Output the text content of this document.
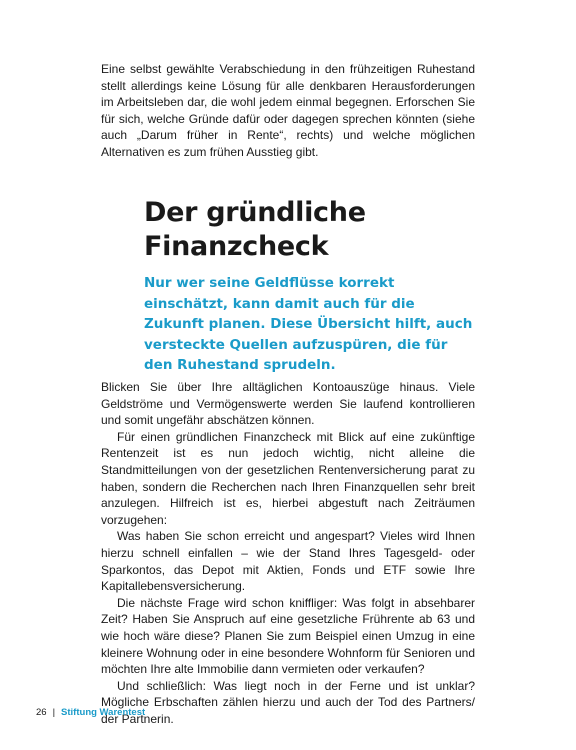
Eine selbst gewählte Verabschiedung in den frühzeitigen Ruhestand stellt allerdings keine Lösung für alle denkbaren Herausforderungen im Arbeitsleben dar, die wohl jedem einmal begegnen. Erforschen Sie für sich, welche Gründe dafür oder dagegen sprechen könnten (siehe auch „Darum früher in Rente“, rechts) und welche möglichen Alternativen es zum frühen Ausstieg gibt.
Der gründliche
Finanzcheck
Nur wer seine Geldflüsse korrekt einschätzt, kann damit auch für die Zukunft planen. Diese Übersicht hilft, auch versteckte Quellen aufzuspüren, die für den Ruhestand sprudeln.

Blicken Sie über Ihre alltäglichen Kontoauszüge hinaus. Viele Geldströme und Vermögenswerte werden Sie laufend kontrollieren und somit ungefähr abschätzen können.

Für einen gründlichen Finanzcheck mit Blick auf eine zukünftige Rentenzeit ist es nun jedoch wichtig, nicht alleine die Standmitteilungen von der gesetzlichen Rentenversicherung parat zu haben, sondern die Recherchen nach Ihren Finanzquellen sehr breit anzulegen. Hilfreich ist es, hierbei abgestuft nach Zeiträumen vorzugehen:

Was haben Sie schon erreicht und angespart? Vieles wird Ihnen hierzu schnell einfallen – wie der Stand Ihres Tagesgeld- oder Sparkontos, das Depot mit Aktien, Fonds und ETF sowie Ihre Kapitallebensversicherung.

Die nächste Frage wird schon kniffliger: Was folgt in absehbarer Zeit? Haben Sie Anspruch auf eine gesetzliche Frührente ab 63 und wie hoch wäre diese? Planen Sie zum Beispiel einen Umzug in eine kleinere Wohnung oder in eine besondere Wohnform für Senioren und möchten Ihre alte Immobilie dann vermieten oder verkaufen?

Und schließlich: Was liegt noch in der Ferne und ist unklar? Mögliche Erbschaften zählen hierzu und auch der Tod des Partners/ der Partnerin.

26 | Stiftung Warentest
